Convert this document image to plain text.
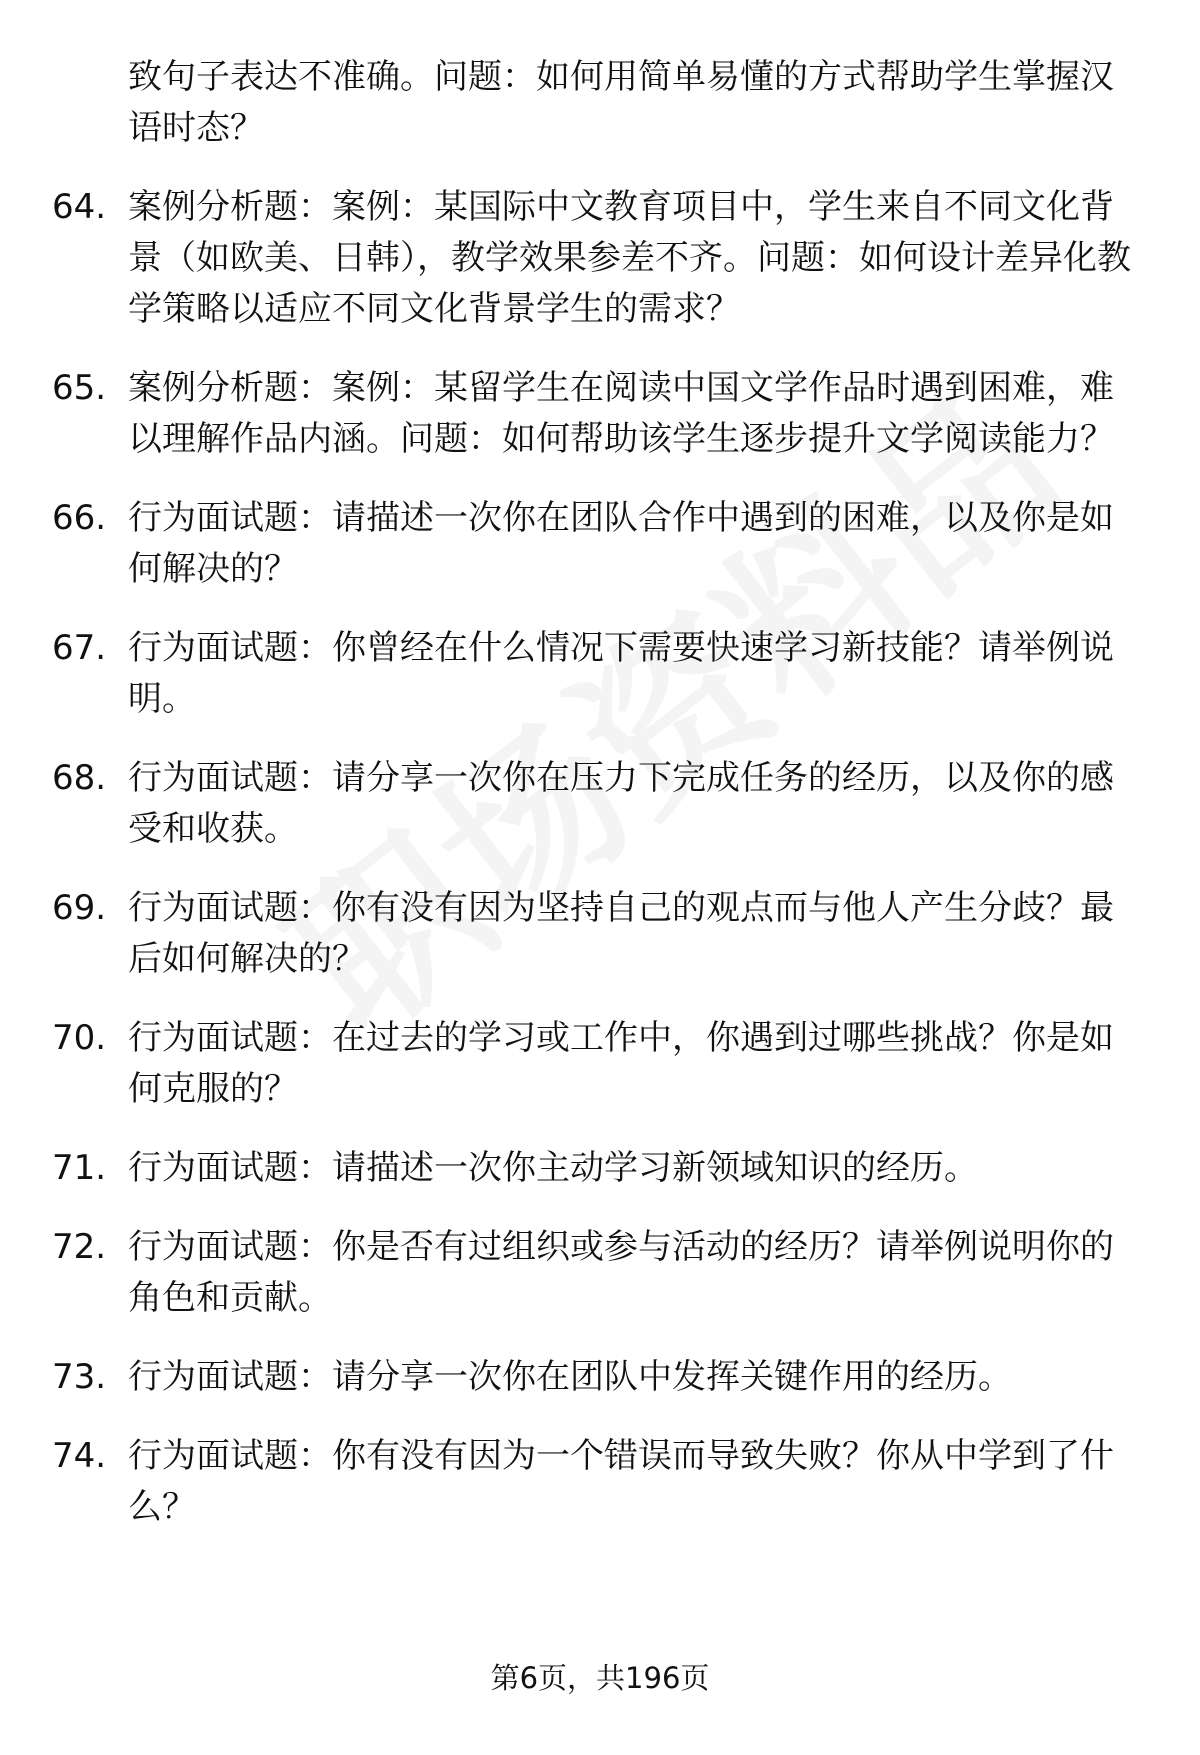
致句子表达不准确。问题：如何用简单易懂的方式帮助学生掌握汉语时态？
64. 案例分析题：案例：某国际中文教育项目中，学生来自不同文化背景（如欧美、日韩），教学效果参差不齐。问题：如何设计差异化教学策略以适应不同文化背景学生的需求？
65. 案例分析题：案例：某留学生在阅读中国文学作品时遇到困难，难以理解作品内涵。问题：如何帮助该学生逐步提升文学阅读能力？
66. 行为面试题：请描述一次你在团队合作中遇到的困难，以及你是如何解决的？
67. 行为面试题：你曾经在什么情况下需要快速学习新技能？请举例说明。
68. 行为面试题：请分享一次你在压力下完成任务的经历，以及你的感受和收获。
69. 行为面试题：你有没有因为坚持自己的观点而与他人产生分歧？最后如何解决的？
70. 行为面试题：在过去的学习或工作中，你遇到过哪些挑战？你是如何克服的？
71. 行为面试题：请描述一次你主动学习新领域知识的经历。
72. 行为面试题：你是否有过组织或参与活动的经历？请举例说明你的角色和贡献。
73. 行为面试题：请分享一次你在团队中发挥关键作用的经历。
74. 行为面试题：你有没有因为一个错误而导致失败？你从中学到了什么？
第6页，共196页
